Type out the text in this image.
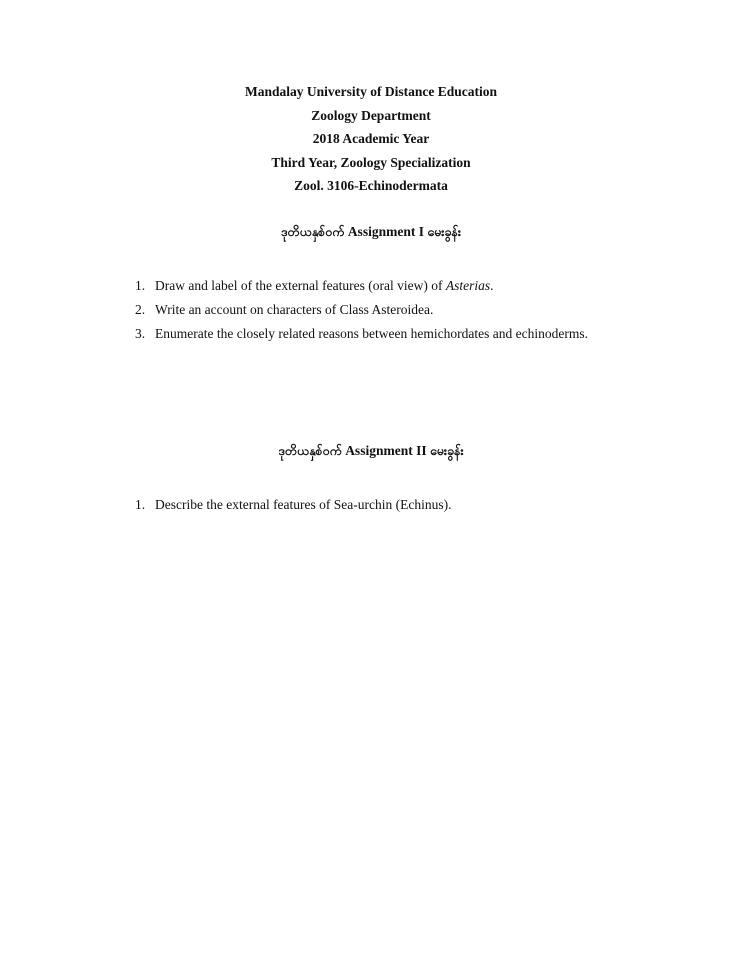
Mandalay University of Distance Education

Zoology Department

2018 Academic Year

Third Year, Zoology Specialization

Zool. 3106-Echinodermata

ဒုတိယနှစ်ဝက် Assignment I မေးခွန်း
1. Draw and label of the external features (oral view) of Asterias.
2. Write an account on characters of Class Asteroidea.
3. Enumerate the closely related reasons between hemichordates and echinoderms.
ဒုတိယနှစ်ဝက် Assignment II မေးခွန်း
1. Describe the external features of Sea-urchin (Echinus).
